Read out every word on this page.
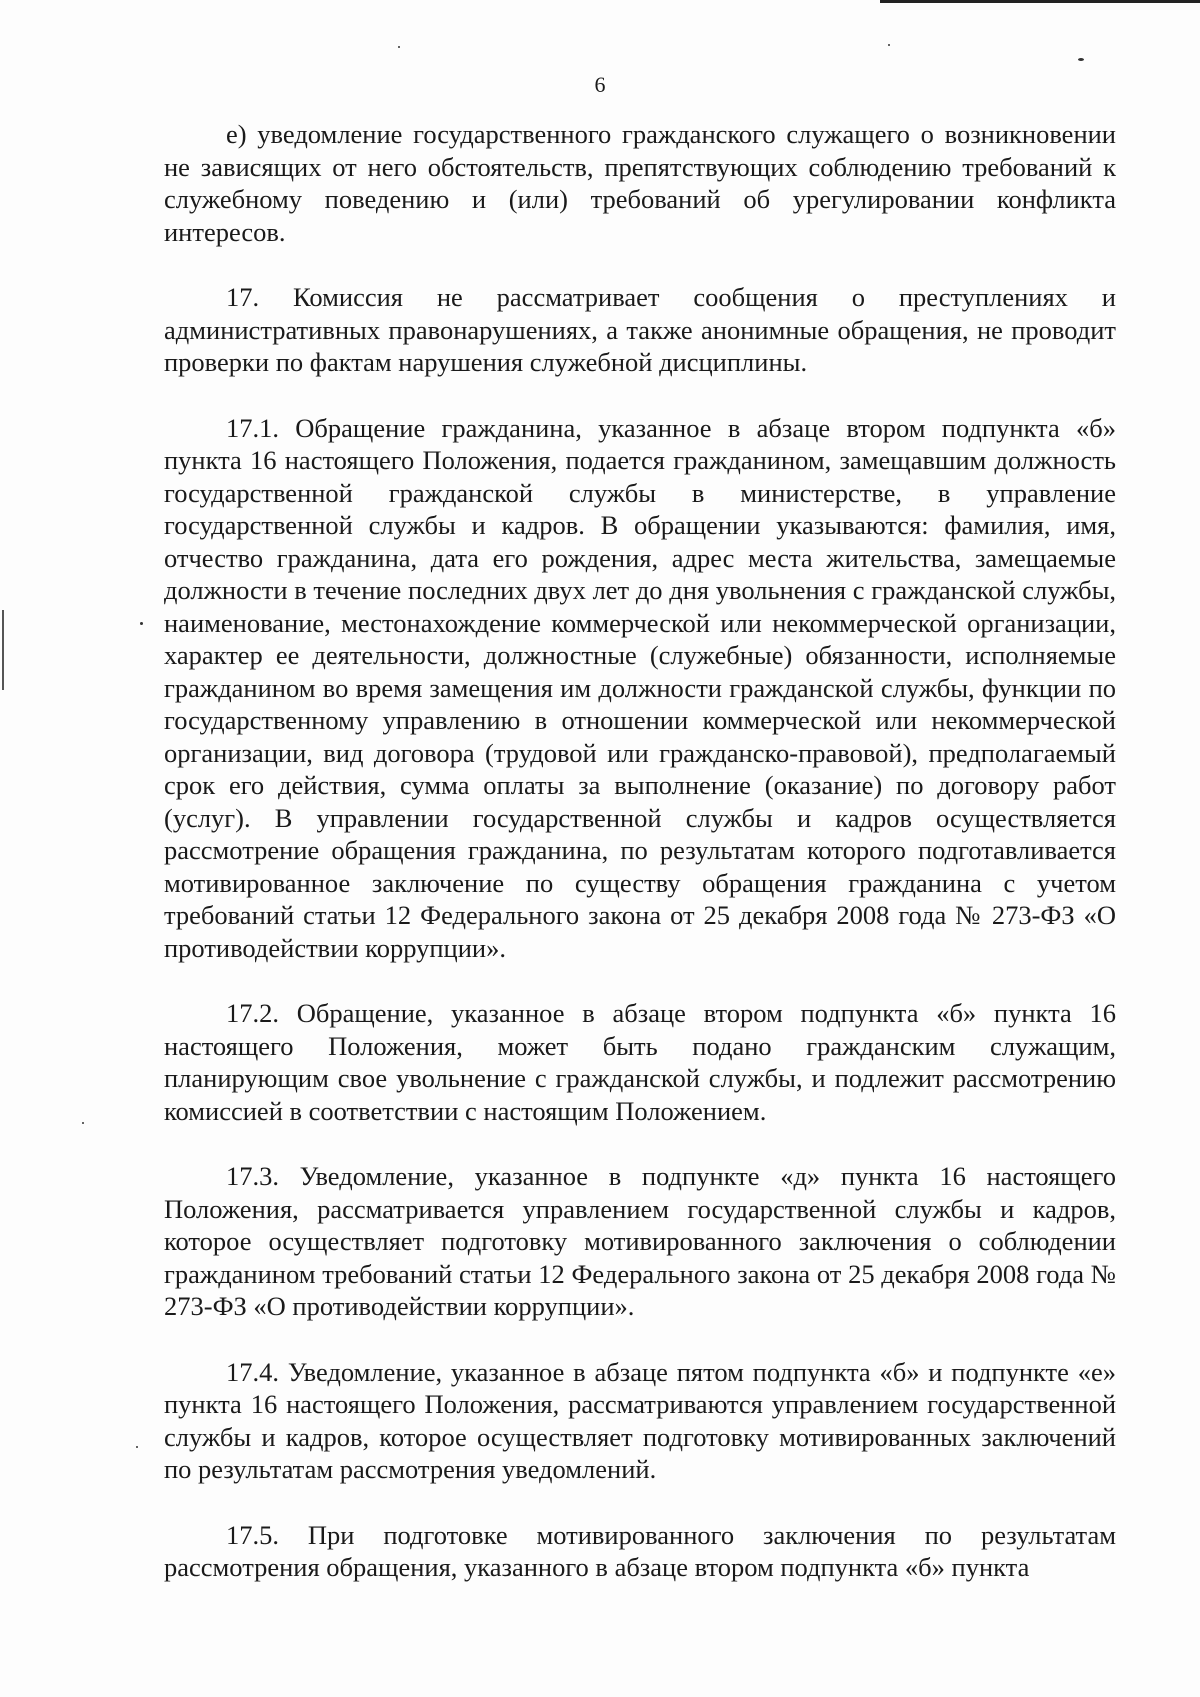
6

е) уведомление государственного гражданского служащего о возникновении не зависящих от него обстоятельств, препятствующих соблюдению требований к служебному поведению и (или) требований об урегулировании конфликта интересов.

17. Комиссия не рассматривает сообщения о преступлениях и административных правонарушениях, а также анонимные обращения, не проводит проверки по фактам нарушения служебной дисциплины.

17.1. Обращение гражданина, указанное в абзаце втором подпункта «б» пункта 16 настоящего Положения, подается гражданином, замещавшим должность государственной гражданской службы в министерстве, в управление государственной службы и кадров. В обращении указываются: фамилия, имя, отчество гражданина, дата его рождения, адрес места жительства, замещаемые должности в течение последних двух лет до дня увольнения с гражданской службы, наименование, местонахождение коммерческой или некоммерческой организации, характер ее деятельности, должностные (служебные) обязанности, исполняемые гражданином во время замещения им должности гражданской службы, функции по государственному управлению в отношении коммерческой или некоммерческой организации, вид договора (трудовой или гражданско-правовой), предполагаемый срок его действия, сумма оплаты за выполнение (оказание) по договору работ (услуг). В управлении государственной службы и кадров осуществляется рассмотрение обращения гражданина, по результатам которого подготавливается мотивированное заключение по существу обращения гражданина с учетом требований статьи 12 Федерального закона от 25 декабря 2008 года № 273-ФЗ «О противодействии коррупции».

17.2. Обращение, указанное в абзаце втором подпункта «б» пункта 16 настоящего Положения, может быть подано гражданским служащим, планирующим свое увольнение с гражданской службы, и подлежит рассмотрению комиссией в соответствии с настоящим Положением.

17.3. Уведомление, указанное в подпункте «д» пункта 16 настоящего Положения, рассматривается управлением государственной службы и кадров, которое осуществляет подготовку мотивированного заключения о соблюдении гражданином требований статьи 12 Федерального закона от 25 декабря 2008 года № 273-ФЗ «О противодействии коррупции».

17.4. Уведомление, указанное в абзаце пятом подпункта «б» и подпункте «е» пункта 16 настоящего Положения, рассматриваются управлением государственной службы и кадров, которое осуществляет подготовку мотивированных заключений по результатам рассмотрения уведомлений.

17.5. При подготовке мотивированного заключения по результатам рассмотрения обращения, указанного в абзаце втором подпункта «б» пункта
